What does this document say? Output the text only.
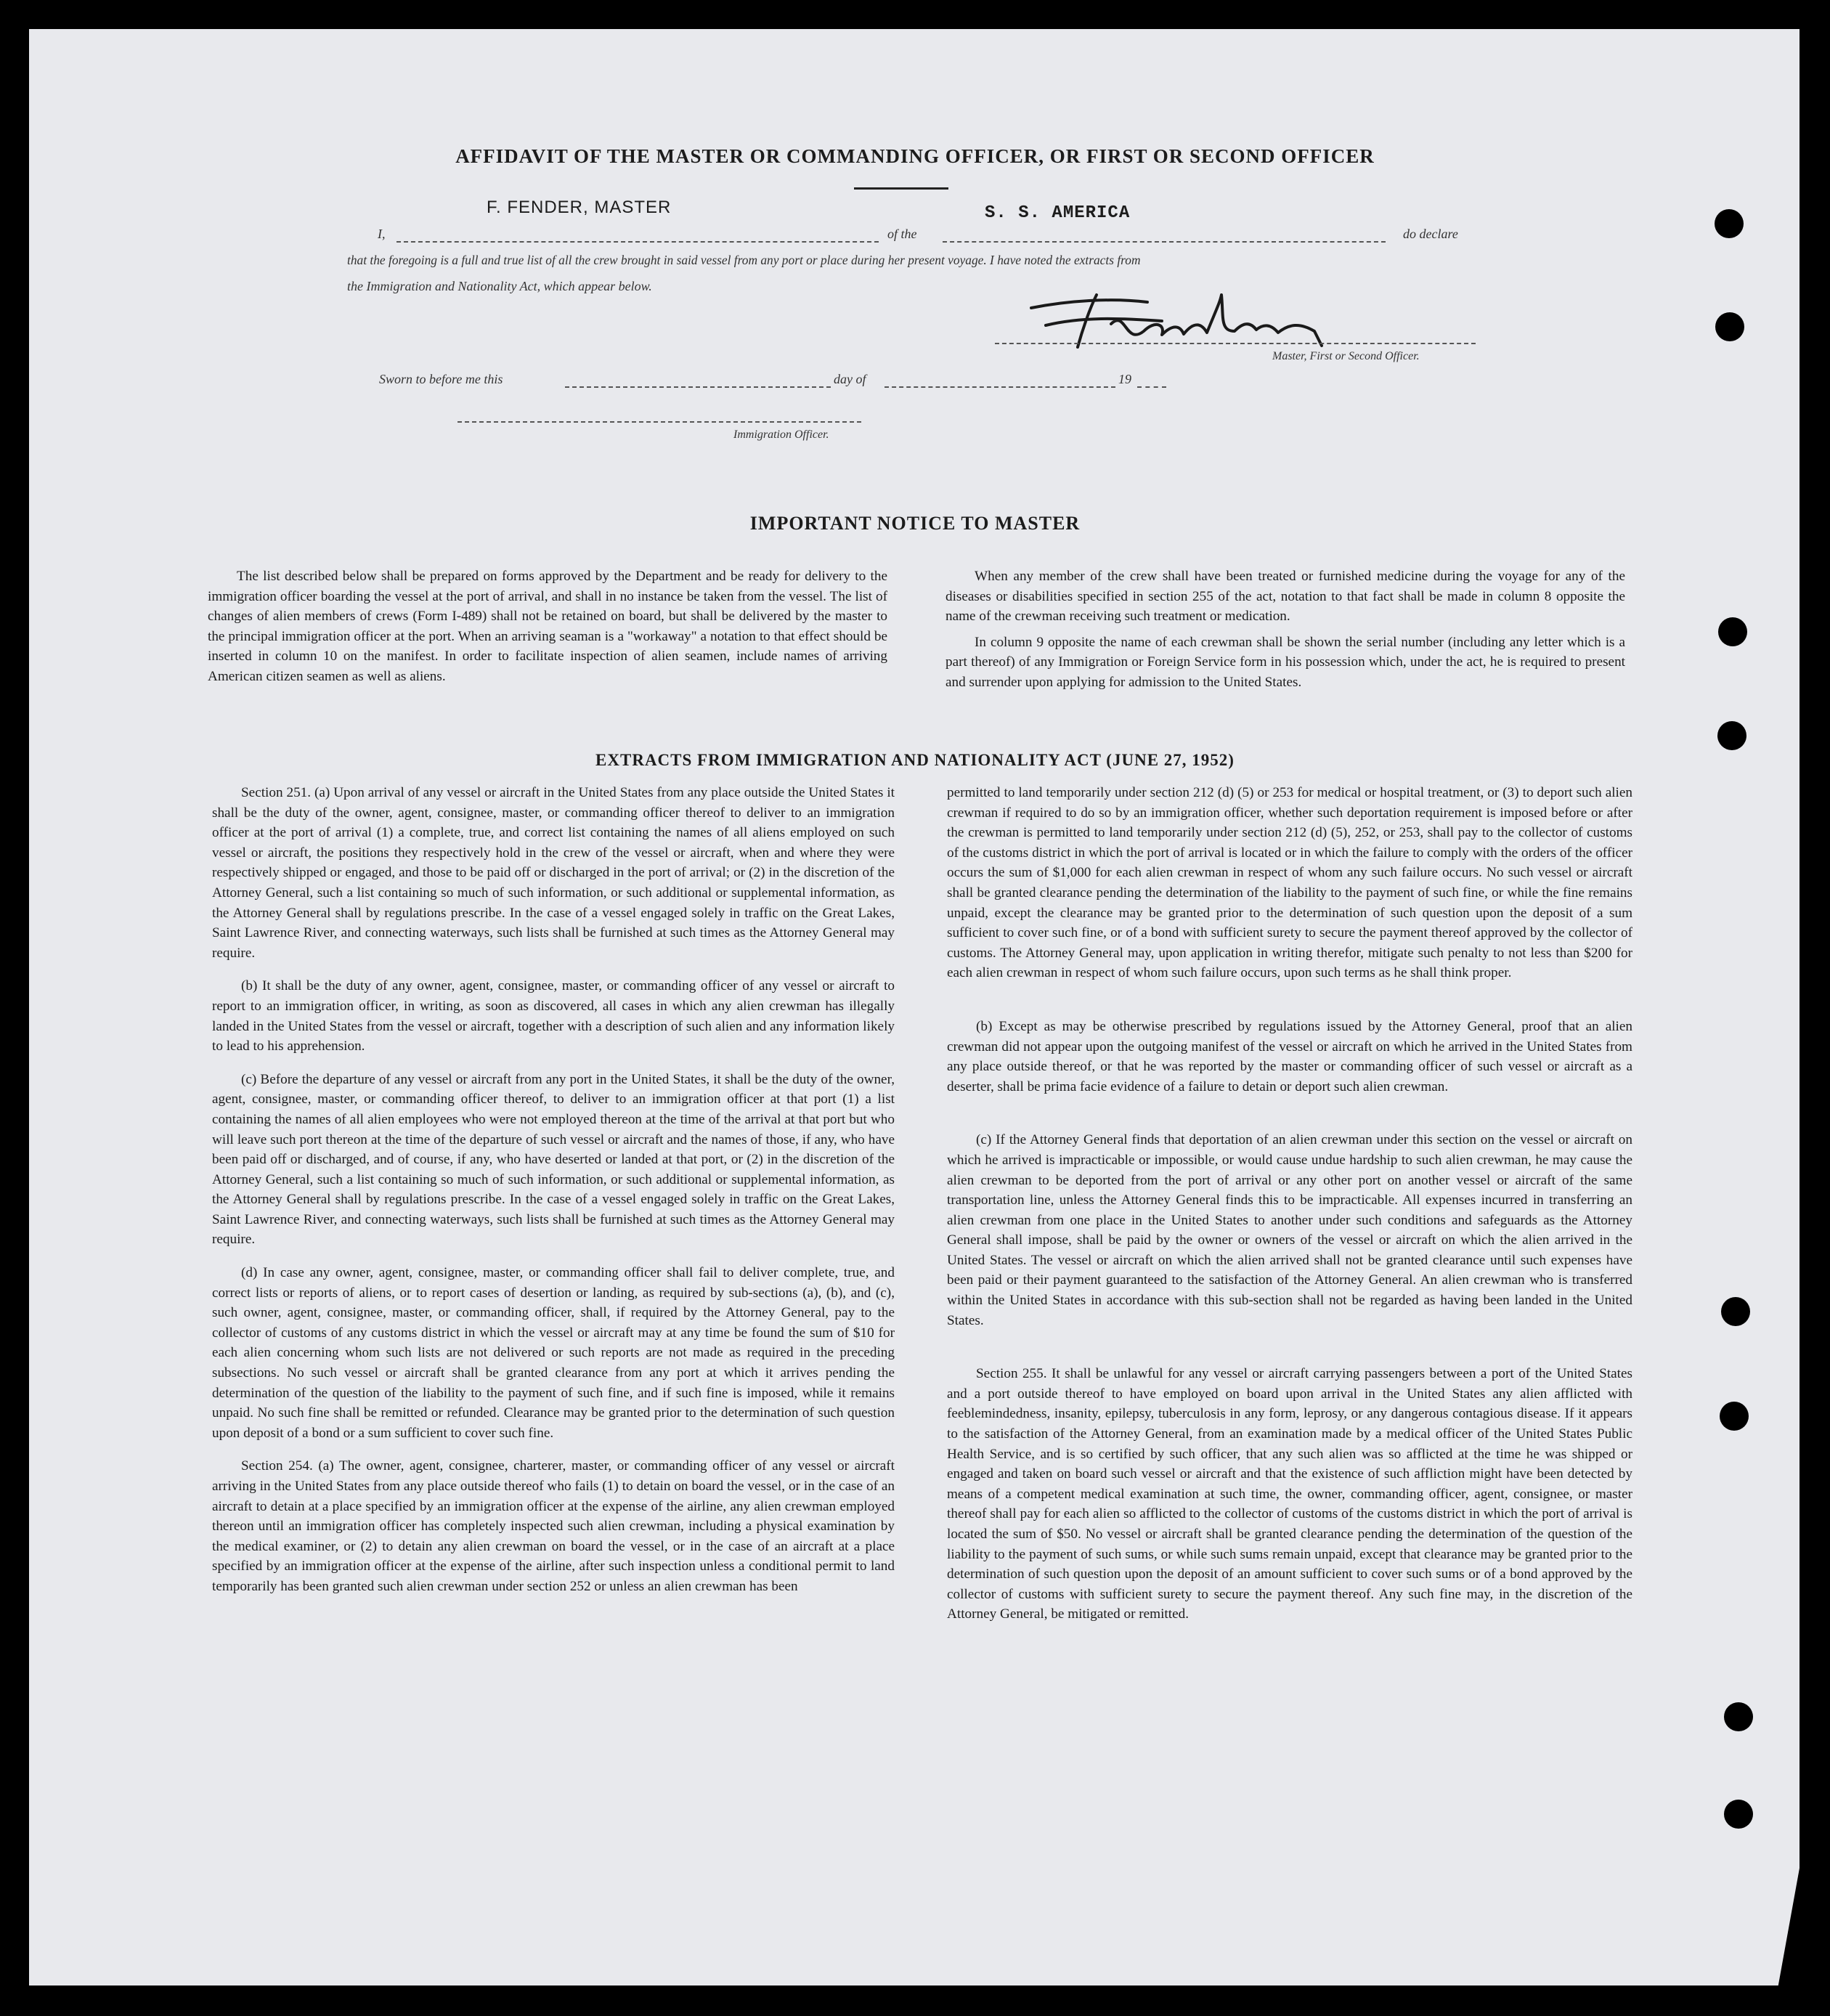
AFFIDAVIT OF THE MASTER OR COMMANDING OFFICER, OR FIRST OR SECOND OFFICER
I,
F. FENDER, MASTER
of the
S. S. AMERICA
do declare
that the foregoing is a full and true list of all the crew brought in said vessel from any port or place during her present voyage. I have noted the extracts from
the Immigration and Nationality Act, which appear below.
Master, First or Second Officer.
Sworn to before me this	day of	19
Immigration Officer.
IMPORTANT NOTICE TO MASTER

The list described below shall be prepared on forms approved by the Department and be ready for delivery to the immigration officer boarding the vessel at the port of arrival, and shall in no instance be taken from the vessel. The list of changes of alien members of crews (Form I-489) shall not be retained on board, but shall be delivered by the master to the principal immigration officer at the port. When an arriving seaman is a "workaway" a notation to that effect should be inserted in column 10 on the manifest. In order to facilitate inspection of alien seamen, include names of arriving American citizen seamen as well as aliens.

When any member of the crew shall have been treated or furnished medicine during the voyage for any of the diseases or disabilities specified in section 255 of the act, notation to that fact shall be made in column 8 opposite the name of the crewman receiving such treatment or medication.

In column 9 opposite the name of each crewman shall be shown the serial number (including any letter which is a part thereof) of any Immigration or Foreign Service form in his possession which, under the act, he is required to present and surrender upon applying for admission to the United States.

EXTRACTS FROM IMMIGRATION AND NATIONALITY ACT (JUNE 27, 1952)

Section 251. (a) Upon arrival of any vessel or aircraft in the United States from any place outside the United States it shall be the duty of the owner, agent, consignee, master, or commanding officer thereof to deliver to an immigration officer at the port of arrival (1) a complete, true, and correct list containing the names of all aliens employed on such vessel or aircraft, the positions they respectively hold in the crew of the vessel or aircraft, when and where they were respectively shipped or engaged, and those to be paid off or discharged in the port of arrival; or (2) in the discretion of the Attorney General, such a list containing so much of such information, or such additional or supplemental information, as the Attorney General shall by regulations prescribe. In the case of a vessel engaged solely in traffic on the Great Lakes, Saint Lawrence River, and connecting waterways, such lists shall be furnished at such times as the Attorney General may require.

(b) It shall be the duty of any owner, agent, consignee, master, or commanding officer of any vessel or aircraft to report to an immigration officer, in writing, as soon as discovered, all cases in which any alien crewman has illegally landed in the United States from the vessel or aircraft, together with a description of such alien and any information likely to lead to his apprehension.

(c) Before the departure of any vessel or aircraft from any port in the United States, it shall be the duty of the owner, agent, consignee, master, or commanding officer thereof, to deliver to an immigration officer at that port (1) a list containing the names of all alien employees who were not employed thereon at the time of the arrival at that port but who will leave such port thereon at the time of the departure of such vessel or aircraft and the names of those, if any, who have been paid off or discharged, and of course, if any, who have deserted or landed at that port, or (2) in the discretion of the Attorney General, such a list containing so much of such information, or such additional or supplemental information, as the Attorney General shall by regulations prescribe. In the case of a vessel engaged solely in traffic on the Great Lakes, Saint Lawrence River, and connecting waterways, such lists shall be furnished at such times as the Attorney General may require.

(d) In case any owner, agent, consignee, master, or commanding officer shall fail to deliver complete, true, and correct lists or reports of aliens, or to report cases of desertion or landing, as required by sub-sections (a), (b), and (c), such owner, agent, consignee, master, or commanding officer, shall, if required by the Attorney General, pay to the collector of customs of any customs district in which the vessel or aircraft may at any time be found the sum of $10 for each alien concerning whom such lists are not delivered or such reports are not made as required in the preceding subsections. No such vessel or aircraft shall be granted clearance from any port at which it arrives pending the determination of the question of the liability to the payment of such fine, and if such fine is imposed, while it remains unpaid. No such fine shall be remitted or refunded. Clearance may be granted prior to the determination of such question upon deposit of a bond or a sum sufficient to cover such fine.

Section 254. (a) The owner, agent, consignee, charterer, master, or commanding officer of any vessel or aircraft arriving in the United States from any place outside thereof who fails (1) to detain on board the vessel, or in the case of an aircraft to detain at a place specified by an immigration officer at the expense of the airline, any alien crewman employed thereon until an immigration officer has completely inspected such alien crewman, including a physical examination by the medical examiner, or (2) to detain any alien crewman on board the vessel, or in the case of an aircraft at a place specified by an immigration officer at the expense of the airline, after such inspection unless a conditional permit to land temporarily has been granted such alien crewman under section 252 or unless an alien crewman has been

permitted to land temporarily under section 212 (d) (5) or 253 for medical or hospital treatment, or (3) to deport such alien crewman if required to do so by an immigration officer, whether such deportation requirement is imposed before or after the crewman is permitted to land temporarily under section 212 (d) (5), 252, or 253, shall pay to the collector of customs of the customs district in which the port of arrival is located or in which the failure to comply with the orders of the officer occurs the sum of $1,000 for each alien crewman in respect of whom any such failure occurs. No such vessel or aircraft shall be granted clearance pending the determination of the liability to the payment of such fine, or while the fine remains unpaid, except the clearance may be granted prior to the determination of such question upon the deposit of a sum sufficient to cover such fine, or of a bond with sufficient surety to secure the payment thereof approved by the collector of customs. The Attorney General may, upon application in writing therefor, mitigate such penalty to not less than $200 for each alien crewman in respect of whom such failure occurs, upon such terms as he shall think proper.

(b) Except as may be otherwise prescribed by regulations issued by the Attorney General, proof that an alien crewman did not appear upon the outgoing manifest of the vessel or aircraft on which he arrived in the United States from any place outside thereof, or that he was reported by the master or commanding officer of such vessel or aircraft as a deserter, shall be prima facie evidence of a failure to detain or deport such alien crewman.

(c) If the Attorney General finds that deportation of an alien crewman under this section on the vessel or aircraft on which he arrived is impracticable or impossible, or would cause undue hardship to such alien crewman, he may cause the alien crewman to be deported from the port of arrival or any other port on another vessel or aircraft of the same transportation line, unless the Attorney General finds this to be impracticable. All expenses incurred in transferring an alien crewman from one place in the United States to another under such conditions and safeguards as the Attorney General shall impose, shall be paid by the owner or owners of the vessel or aircraft on which the alien arrived in the United States. The vessel or aircraft on which the alien arrived shall not be granted clearance until such expenses have been paid or their payment guaranteed to the satisfaction of the Attorney General. An alien crewman who is transferred within the United States in accordance with this sub-section shall not be regarded as having been landed in the United States.

Section 255. It shall be unlawful for any vessel or aircraft carrying passengers between a port of the United States and a port outside thereof to have employed on board upon arrival in the United States any alien afflicted with feeblemindedness, insanity, epilepsy, tuberculosis in any form, leprosy, or any dangerous contagious disease. If it appears to the satisfaction of the Attorney General, from an examination made by a medical officer of the United States Public Health Service, and is so certified by such officer, that any such alien was so afflicted at the time he was shipped or engaged and taken on board such vessel or aircraft and that the existence of such affliction might have been detected by means of a competent medical examination at such time, the owner, commanding officer, agent, consignee, or master thereof shall pay for each alien so afflicted to the collector of customs of the customs district in which the port of arrival is located the sum of $50. No vessel or aircraft shall be granted clearance pending the determination of the question of the liability to the payment of such sums, or while such sums remain unpaid, except that clearance may be granted prior to the determination of such question upon the deposit of an amount sufficient to cover such sums or of a bond approved by the collector of customs with sufficient surety to secure the payment thereof. Any such fine may, in the discretion of the Attorney General, be mitigated or remitted.
